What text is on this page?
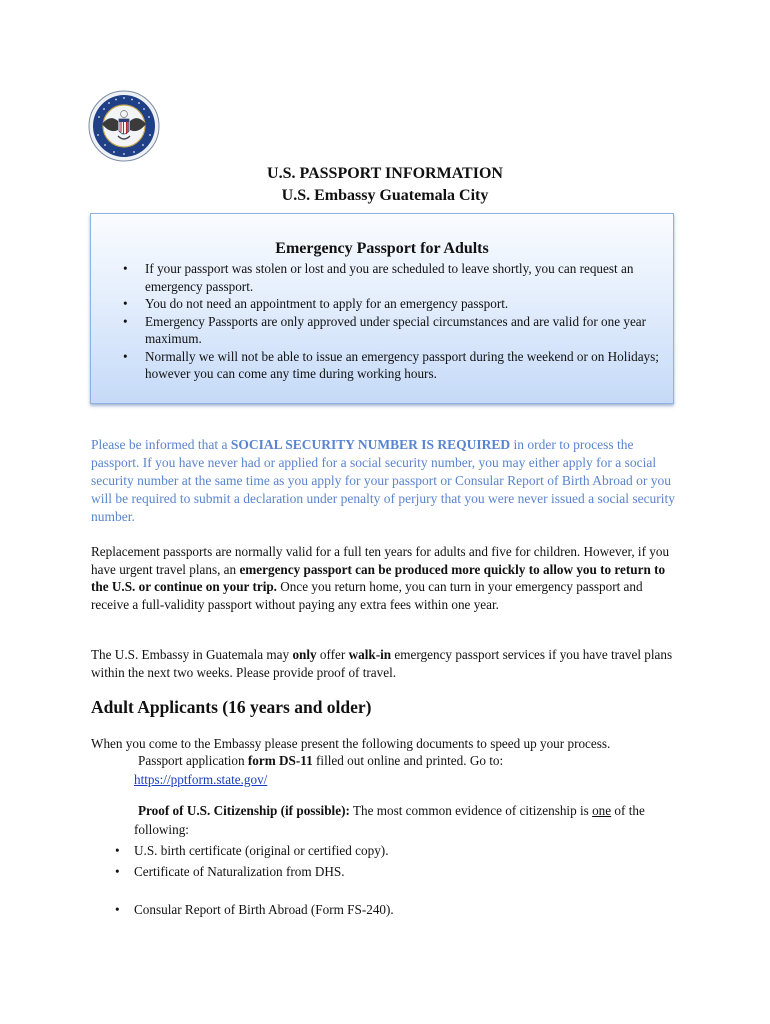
U.S. PASSPORT INFORMATION
U.S. Embassy Guatemala City
Emergency Passport for Adults
• If your passport was stolen or lost and you are scheduled to leave shortly, you can request an emergency passport.
• You do not need an appointment to apply for an emergency passport.
• Emergency Passports are only approved under special circumstances and are valid for one year maximum.
• Normally we will not be able to issue an emergency passport during the weekend or on Holidays; however you can come any time during working hours.
Please be informed that a SOCIAL SECURITY NUMBER IS REQUIRED in order to process the passport. If you have never had or applied for a social security number, you may either apply for a social security number at the same time as you apply for your passport or Consular Report of Birth Abroad or you will be required to submit a declaration under penalty of perjury that you were never issued a social security number.
Replacement passports are normally valid for a full ten years for adults and five for children. However, if you have urgent travel plans, an emergency passport can be produced more quickly to allow you to return to the U.S. or continue on your trip. Once you return home, you can turn in your emergency passport and receive a full-validity passport without paying any extra fees within one year.
The U.S. Embassy in Guatemala may only offer walk-in emergency passport services if you have travel plans within the next two weeks. Please provide proof of travel.
Adult Applicants (16 years and older)
When you come to the Embassy please present the following documents to speed up your process.
Passport application form DS-11 filled out online and printed. Go to:
https://pptform.state.gov/
Proof of U.S. Citizenship (if possible): The most common evidence of citizenship is one of the following:
• U.S. birth certificate (original or certified copy).
• Certificate of Naturalization from DHS.
• Consular Report of Birth Abroad (Form FS-240).
